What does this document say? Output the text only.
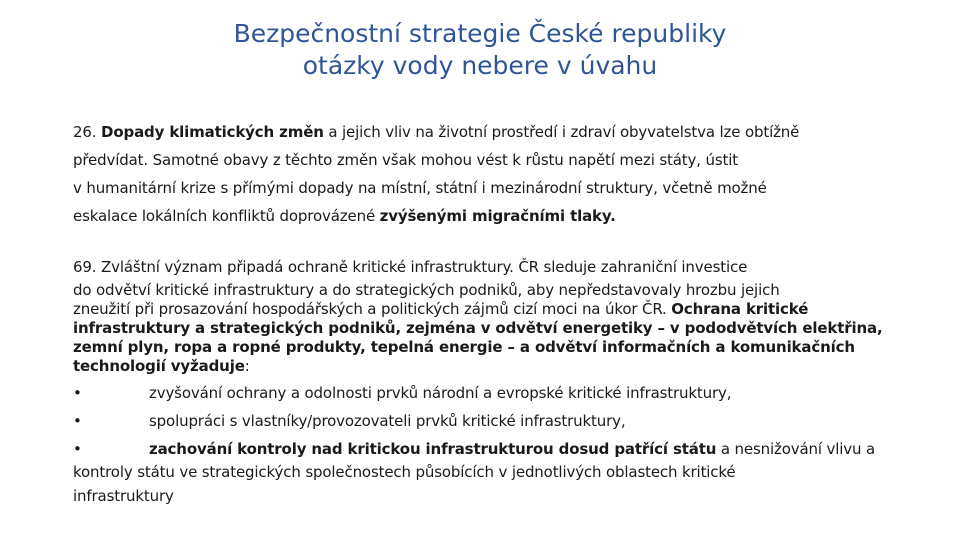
Bezpečnostní strategie České republiky
otázky vody nebere v úvahu
26. Dopady klimatických změn a jejich vliv na životní prostředí i zdraví obyvatelstva lze obtížně
předvídat. Samotné obavy z těchto změn však mohou vést k růstu napětí mezi státy, ústit
v humanitární krize s přímými dopady na místní, státní i mezinárodní struktury, včetně možné
eskalace lokálních konfliktů doprovázené zvýšenými migračními tlaky.
69. Zvláštní význam připadá ochraně kritické infrastruktury. ČR sleduje zahraniční investice
do odvětví kritické infrastruktury a do strategických podniků, aby nepředstavovaly hrozbu jejich
zneužití při prosazování hospodářských a politických zájmů cizí moci na úkor ČR. Ochrana kritické
infrastruktury a strategických podniků, zejména v odvětví energetiky – v pododvětvích elektřina,
zemní plyn, ropa a ropné produkty, tepelná energie – a odvětví informačních a komunikačních
technologií vyžaduje:
•	zvyšování ochrany a odolnosti prvků národní a evropské kritické infrastruktury,
•	spolupráci s vlastníky/provozovateli prvků kritické infrastruktury,
•	zachování kontroly nad kritickou infrastrukturou dosud patřící státu a nesnižování vlivu a
kontroly státu ve strategických společnostech působících v jednotlivých oblastech kritické
infrastruktury
